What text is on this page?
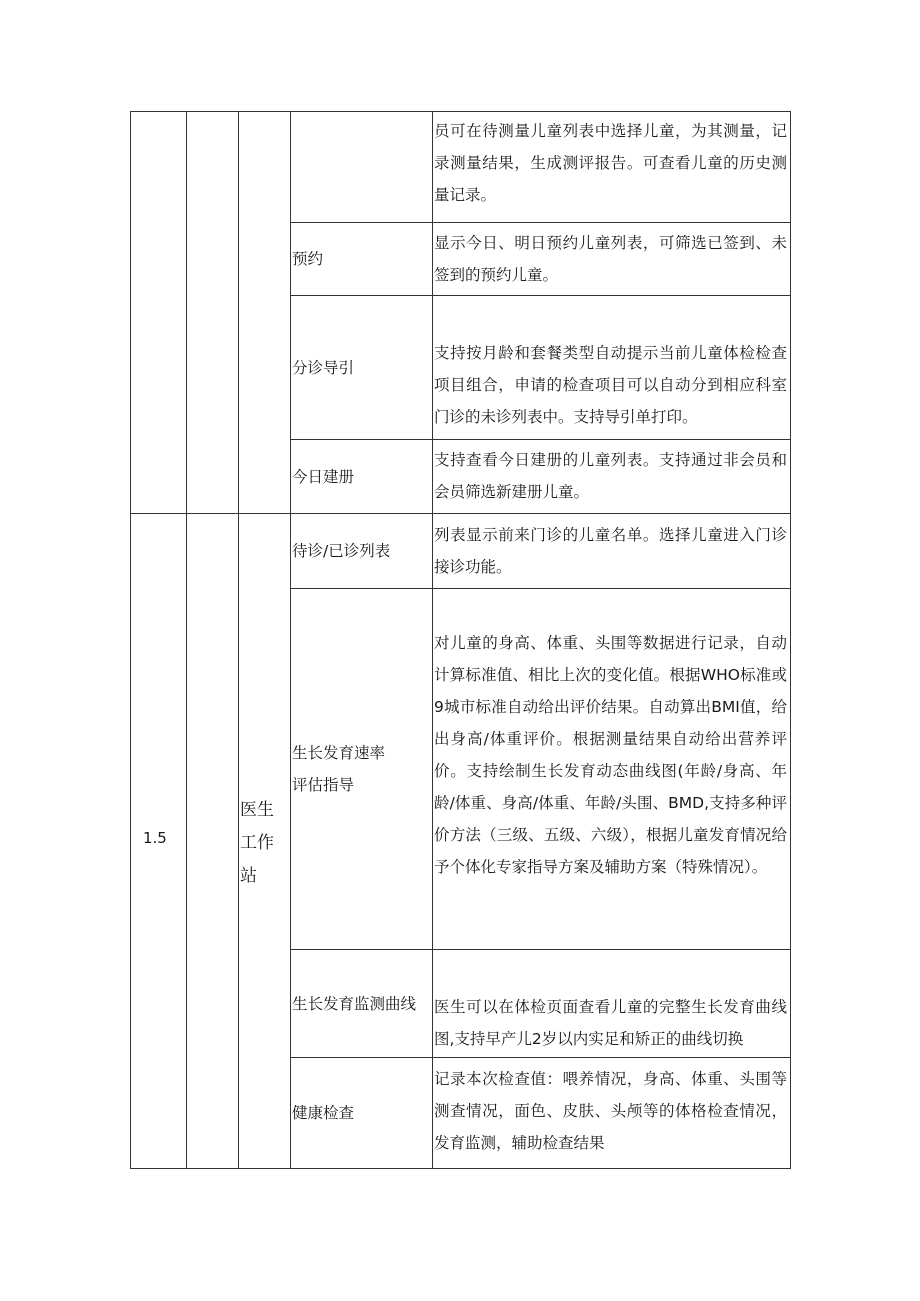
1.5
医生
工作
站
预约
分诊导引
今日建册
待诊/已诊列表
生长发育速率
评估指导
生长发育监测曲线
健康检查
员可在待测量儿童列表中选择儿童，为其测量，记录测量结果，生成测评报告。可查看儿童的历史测量记录。
显示今日、明日预约儿童列表，可筛选已签到、未签到的预约儿童。
支持按月龄和套餐类型自动提示当前儿童体检检查项目组合，申请的检查项目可以自动分到相应科室门诊的未诊列表中。支持导引单打印。
支持查看今日建册的儿童列表。支持通过非会员和会员筛选新建册儿童。
列表显示前来门诊的儿童名单。选择儿童进入门诊接诊功能。
对儿童的身高、体重、头围等数据进行记录，自动计算标准值、相比上次的变化值。根据WHO标准或9城市标准自动给出评价结果。自动算出BMI值，给出身高/体重评价。根据测量结果自动给出营养评价。支持绘制生长发育动态曲线图(年龄/身高、年龄/体重、身高/体重、年龄/头围、BMD,支持多种评价方法（三级、五级、六级），根据儿童发育情况给予个体化专家指导方案及辅助方案（特殊情况）。
医生可以在体检页面查看儿童的完整生长发育曲线图,支持早产儿2岁以内实足和矫正的曲线切换
记录本次检查值：喂养情况，身高、体重、头围等测查情况，面色、皮肤、头颅等的体格检查情况，发育监测，辅助检查结果
